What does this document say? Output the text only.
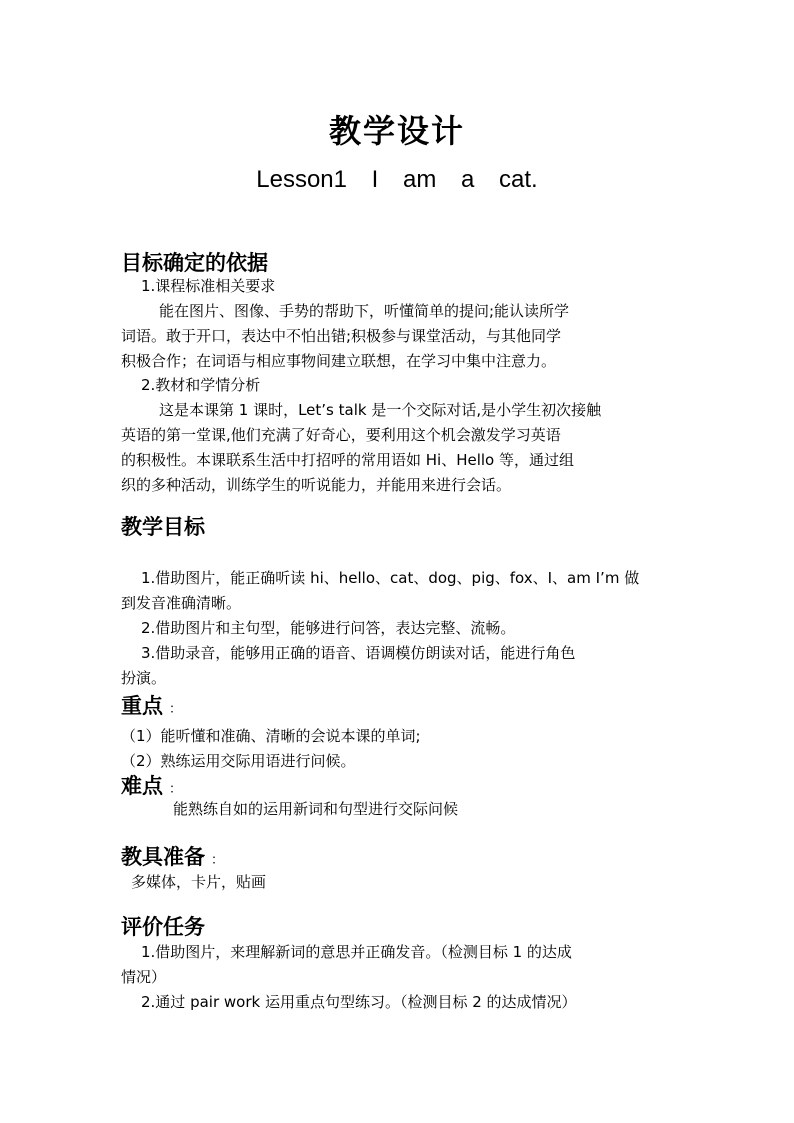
教学设计
Lesson1 I am a cat.
目标确定的依据
1.课程标准相关要求
能在图片、图像、手势的帮助下，听懂简单的提问;能认读所学
词语。敢于开口，表达中不怕出错;积极参与课堂活动，与其他同学
积极合作；在词语与相应事物间建立联想，在学习中集中注意力。
2.教材和学情分析
这是本课第 1 课时，Let’s talk 是一个交际对话,是小学生初次接触
英语的第一堂课,他们充满了好奇心，要利用这个机会激发学习英语
的积极性。本课联系生活中打招呼的常用语如 Hi、Hello 等，通过组
织的多种活动，训练学生的听说能力，并能用来进行会话。
教学目标
1.借助图片，能正确听读 hi、hello、cat、dog、pig、fox、I、am I’m 做
到发音准确清晰。
2.借助图片和主句型，能够进行问答，表达完整、流畅。
3.借助录音，能够用正确的语音、语调模仿朗读对话，能进行角色
扮演。
重点 ：
（1）能听懂和准确、清晰的会说本课的单词;
（2）熟练运用交际用语进行问候。
难点 ：
能熟练自如的运用新词和句型进行交际问候
教具准备 ：
多媒体，卡片，贴画
评价任务
1.借助图片，来理解新词的意思并正确发音。（检测目标 1 的达成
情况）
2.通过 pair work 运用重点句型练习。（检测目标 2 的达成情况）
